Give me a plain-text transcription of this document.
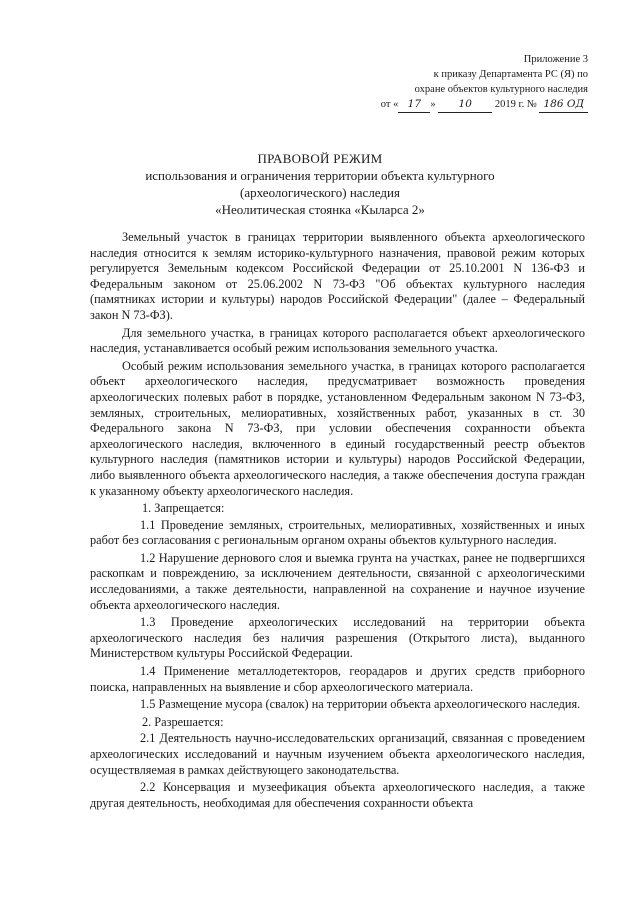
Приложение 3
к приказу Департамента РС (Я) по
охране объектов культурного наследия
от « 17 » 10 2019 г. № 186 ОД
ПРАВОВОЙ РЕЖИМ
использования и ограничения территории объекта культурного
(археологического) наследия
«Неолитическая стоянка «Кыларса 2»

Земельный участок в границах территории выявленного объекта археологического наследия относится к землям историко-культурного назначения, правовой режим которых регулируется Земельным кодексом Российской Федерации от 25.10.2001 N 136-ФЗ и Федеральным законом от 25.06.2002 N 73-ФЗ "Об объектах культурного наследия (памятниках истории и культуры) народов Российской Федерации" (далее – Федеральный закон N 73-ФЗ).

Для земельного участка, в границах которого располагается объект археологического наследия, устанавливается особый режим использования земельного участка.

Особый режим использования земельного участка, в границах которого располагается объект археологического наследия, предусматривает возможность проведения археологических полевых работ в порядке, установленном Федеральным законом N 73-ФЗ, земляных, строительных, мелиоративных, хозяйственных работ, указанных в ст. 30 Федерального закона N 73-ФЗ, при условии обеспечения сохранности объекта археологического наследия, включенного в единый государственный реестр объектов культурного наследия (памятников истории и культуры) народов Российской Федерации, либо выявленного объекта археологического наследия, а также обеспечения доступа граждан к указанному объекту археологического наследия.

1. Запрещается:

1.1 Проведение земляных, строительных, мелиоративных, хозяйственных и иных работ без согласования с региональным органом охраны объектов культурного наследия.

1.2 Нарушение дернового слоя и выемка грунта на участках, ранее не подвергшихся раскопкам и повреждению, за исключением деятельности, связанной с археологическими исследованиями, а также деятельности, направленной на сохранение и научное изучение объекта археологического наследия.

1.3 Проведение археологических исследований на территории объекта археологического наследия без наличия разрешения (Открытого листа), выданного Министерством культуры Российской Федерации.

1.4 Применение металлодетекторов, георадаров и других средств приборного поиска, направленных на выявление и сбор археологического материала.

1.5 Размещение мусора (свалок) на территории объекта археологического наследия.

2. Разрешается:

2.1 Деятельность научно-исследовательских организаций, связанная с проведением археологических исследований и научным изучением объекта археологического наследия, осуществляемая в рамках действующего законодательства.

2.2 Консервация и музеефикация объекта археологического наследия, а также другая деятельность, необходимая для обеспечения сохранности объекта
